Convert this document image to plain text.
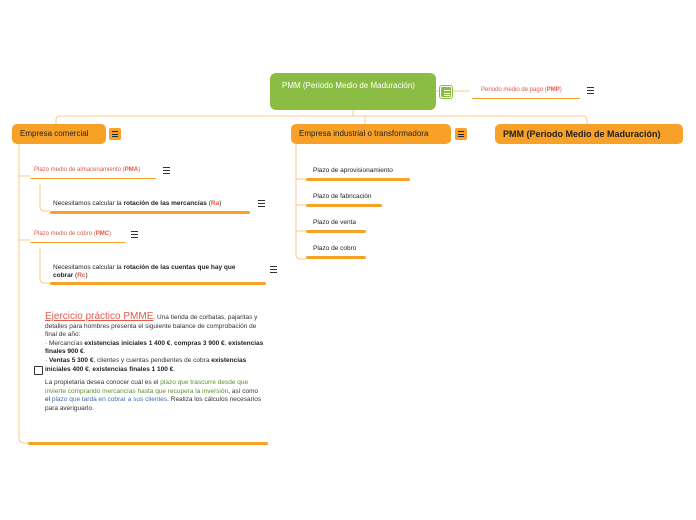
PMM (Periodo Medio de Maduración)	Periodo medio de pago (PMP)
Empresa comercial	Empresa industrial o transformadora	PMM (Periodo Medio de Maduración)
Plazo medio de almacenamiento (PMA)
Necesitamos calcular la rotación de las mercancías (Ra)
Plazo medio de cobro (PMC)
Necesitamos calcular la rotación de las cuentas que hay que cobrar (Rc)
Ejercicio práctico PMME. Una tienda de corbatas, pajaritas y detalles para hombres presenta el siguiente balance de comprobación de final de año:
· Mercancías existencias iniciales 1 400 €, compras 3 900 €, existencias finales 900 €.
· Ventas 5 300 €, clientes y cuentas pendientes de cobra existencias iniciales 400 €, existencias finales 1 100 €.

La propietaria desea conocer cuál es el plazo que trascurre desde que invierte comprando mercancías hasta que recupera la inversión, así como el plazo que tarda en cobrar a sus clientes. Realiza los cálculos necesarios para averiguarlo.
Plazo de aprovisionamiento
Plazo de fabricación
Plazo de venta
Plazo de cobro
